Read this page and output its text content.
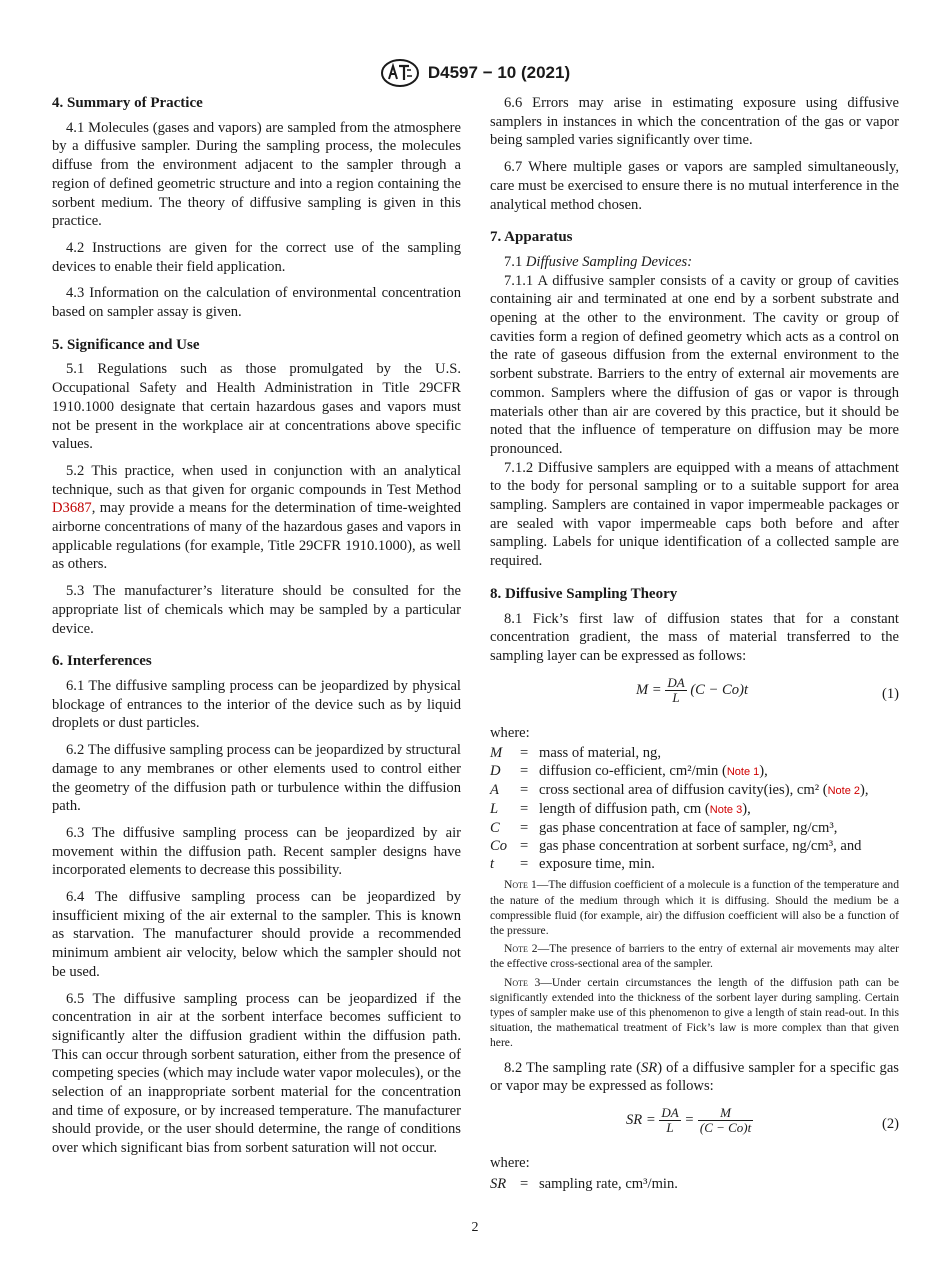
D4597 − 10 (2021)
4. Summary of Practice

4.1 Molecules (gases and vapors) are sampled from the atmosphere by a diffusive sampler. During the sampling process, the molecules diffuse from the environment adjacent to the sampler through a region of defined geometric structure and into a region containing the sorbent medium. The theory of diffusive sampling is given in this practice.

4.2 Instructions are given for the correct use of the sampling devices to enable their field application.

4.3 Information on the calculation of environmental concentration based on sampler assay is given.

5. Significance and Use

5.1 Regulations such as those promulgated by the U.S. Occupational Safety and Health Administration in Title 29CFR 1910.1000 designate that certain hazardous gases and vapors must not be present in the workplace air at concentrations above specific values.

5.2 This practice, when used in conjunction with an analytical technique, such as that given for organic compounds in Test Method D3687, may provide a means for the determination of time-weighted airborne concentrations of many of the hazardous gases and vapors in applicable regulations (for example, Title 29CFR 1910.1000), as well as others.

5.3 The manufacturer’s literature should be consulted for the appropriate list of chemicals which may be sampled by a particular device.

6. Interferences

6.1 The diffusive sampling process can be jeopardized by physical blockage of entrances to the interior of the device such as by liquid droplets or dust particles.

6.2 The diffusive sampling process can be jeopardized by structural damage to any membranes or other elements used to control either the geometry of the diffusion path or turbulence within the diffusion path.

6.3 The diffusive sampling process can be jeopardized by air movement within the diffusion path. Recent sampler designs have incorporated elements to decrease this possibility.

6.4 The diffusive sampling process can be jeopardized by insufficient mixing of the air external to the sampler. This is known as starvation. The manufacturer should provide a recommended minimum ambient air velocity, below which the sampler should not be used.

6.5 The diffusive sampling process can be jeopardized if the concentration in air at the sorbent interface becomes sufficient to significantly alter the diffusion gradient within the diffusion path. This can occur through sorbent saturation, either from the presence of competing species (which may include water vapor molecules), or the selection of an inappropriate sorbent material for the concentration and time of exposure, or by increased temperature. The manufacturer should provide, or the user should determine, the range of conditions over which significant bias from sorbent saturation will not occur.

6.6 Errors may arise in estimating exposure using diffusive samplers in instances in which the concentration of the gas or vapor being sampled varies significantly over time.

6.7 Where multiple gases or vapors are sampled simultaneously, care must be exercised to ensure there is no mutual interference in the analytical method chosen.

7. Apparatus

7.1 Diffusive Sampling Devices:

7.1.1 A diffusive sampler consists of a cavity or group of cavities containing air and terminated at one end by a sorbent substrate and opening at the other to the environment. The cavity or group of cavities form a region of defined geometry which acts as a control on the rate of gaseous diffusion from the external environment to the sorbent substrate. Barriers to the entry of external air movements are common. Samplers where the diffusion of gas or vapor is through materials other than air are covered by this practice, but it should be noted that the influence of temperature on diffusion may be more pronounced.

7.1.2 Diffusive samplers are equipped with a means of attachment to the body for personal sampling or to a suitable support for area sampling. Samplers are contained in vapor impermeable packages or are sealed with vapor impermeable caps both before and after sampling. Labels for unique identification of a collected sample are required.

8. Diffusive Sampling Theory

8.1 Fick’s first law of diffusion states that for a constant concentration gradient, the mass of material transferred to the sampling layer can be expressed as follows:

$M = \frac{DA}{L} (C - Co)t$	(1)
where:
M	=	mass of material, ng,
D	=	diffusion co-efficient, cm²/min (Note 1),
A	=	cross sectional area of diffusion cavity(ies), cm² (Note 2),
L	=	length of diffusion path, cm (Note 3),
C	=	gas phase concentration at face of sampler, ng/cm³,
Co	=	gas phase concentration at sorbent surface, ng/cm³, and
t	=	exposure time, min.
Note 1—The diffusion coefficient of a molecule is a function of the temperature and the nature of the medium through which it is diffusing. Should the medium be a compressible fluid (for example, air) the diffusion coefficient will also be a function of the pressure.
Note 2—The presence of barriers to the entry of external air movements may alter the effective cross-sectional area of the sampler.
Note 3—Under certain circumstances the length of the diffusion path can be significantly extended into the thickness of the sorbent layer during sampling. Certain types of sampler make use of this phenomenon to give a length of stain read-out. In this situation, the mathematical treatment of Fick’s law is more complex than that given here.

8.2 The sampling rate (SR) of a diffusive sampler for a specific gas or vapor may be expressed as follows:

SR = $\frac{DA}{L} = \frac{M}{(C - Co)t}$	(2)
where:
SR	=	sampling rate, cm³/min.
2
